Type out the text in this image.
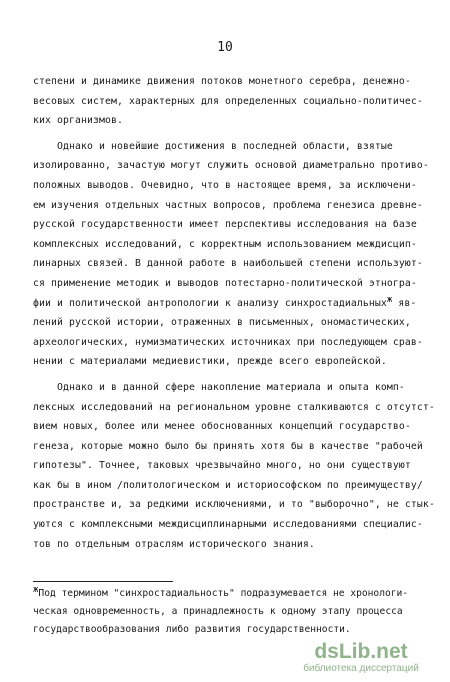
10
степени и динамике движения потоков монетного серебра, денежно-
весовых систем, характерных для определенных социально-политичес-
ких организмов.
Однако и новейшие достижения в последней области, взятые
изолированно, зачастую могут служить основой диаметрально противо-
положных выводов. Очевидно, что в настоящее время, за исключени-
ем изучения отдельных частных вопросов, проблема генезиса древне-
русской государственности имеет перспективы исследования на базе
комплексных исследований, с корректным использованием междисцип-
линарных связей. В данной работе в наибольшей степени используют-
ся применение методик и выводов потестарно-политической этногра-
фии и политической антропологии к анализу синхростадиальных$^ж$ яв-
лений русской истории, отраженных в письменных, ономастических,
археологических, нумизматических источниках при последующем срав-
нении с материалами медиевистики, прежде всего европейской.
Однако и в данной сфере накопление материала и опыта комп-
лексных исследований на региональном уровне сталкиваются с отсутст-
вием новых, более или менее обоснованных концепций государство-
генеза, которые можно было бы принять хотя бы в качестве "рабочей
гипотезы". Точнее, таковых чрезвычайно много, но они существуют
как бы в ином /политологическом и историософском по преимуществу/
пространстве и, за редкими исключениями, и то "выборочно", не стык-
уются с комплексными междисциплинарными исследованиями специалис-
тов по отдельным отраслям исторического знания.
$^ж$Под термином "синхростадиальность" подразумевается не хронологи-
ческая одновременность, а принадлежность к одному этапу процесса
государствообразования либо развития государственности.
dsLib.net
библиотека диссертаций
